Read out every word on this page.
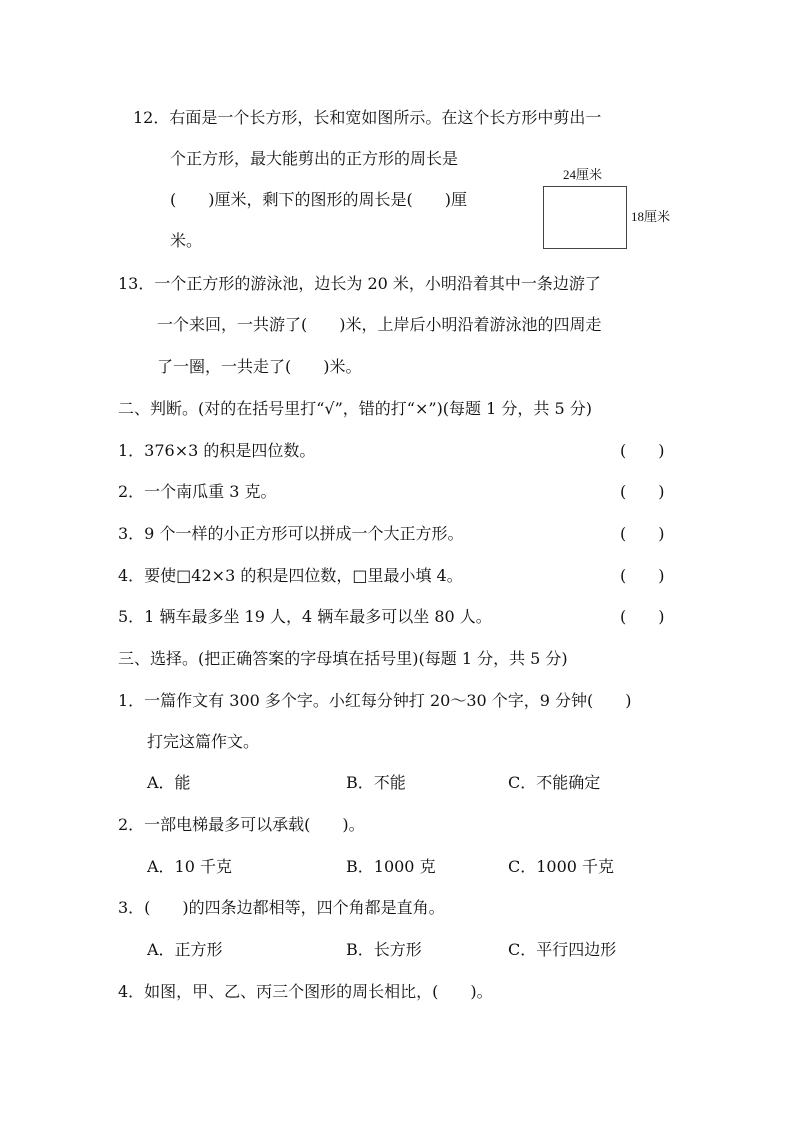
12．右面是一个长方形，长和宽如图所示。在这个长方形中剪出一
个正方形，最大能剪出的正方形的周长是
(　　)厘米，剩下的图形的周长是(　　)厘
米。
24厘米
18厘米
13．一个正方形的游泳池，边长为 20 米，小明沿着其中一条边游了
一个来回，一共游了(　　)米，上岸后小明沿着游泳池的四周走
了一圈，一共走了(　　)米。
二、判断。(对的在括号里打“√”，错的打“×”)(每题 1 分，共 5 分)
1．376×3 的积是四位数。	(　　)
2．一个南瓜重 3 克。	(　　)
3．9 个一样的小正方形可以拼成一个大正方形。	(　　)
4．要使□42×3 的积是四位数，□里最小填 4。	(　　)
5．1 辆车最多坐 19 人，4 辆车最多可以坐 80 人。	(　　)
三、选择。(把正确答案的字母填在括号里)(每题 1 分，共 5 分)
1．一篇作文有 300 多个字。小红每分钟打 20～30 个字，9 分钟(　　)
打完这篇作文。
A．能	B．不能	C．不能确定
2．一部电梯最多可以承载(　　)。
A．10 千克	B．1000 克	C．1000 千克
3．(　　)的四条边都相等，四个角都是直角。
A．正方形	B．长方形	C．平行四边形
4．如图，甲、乙、丙三个图形的周长相比，(　　)。
